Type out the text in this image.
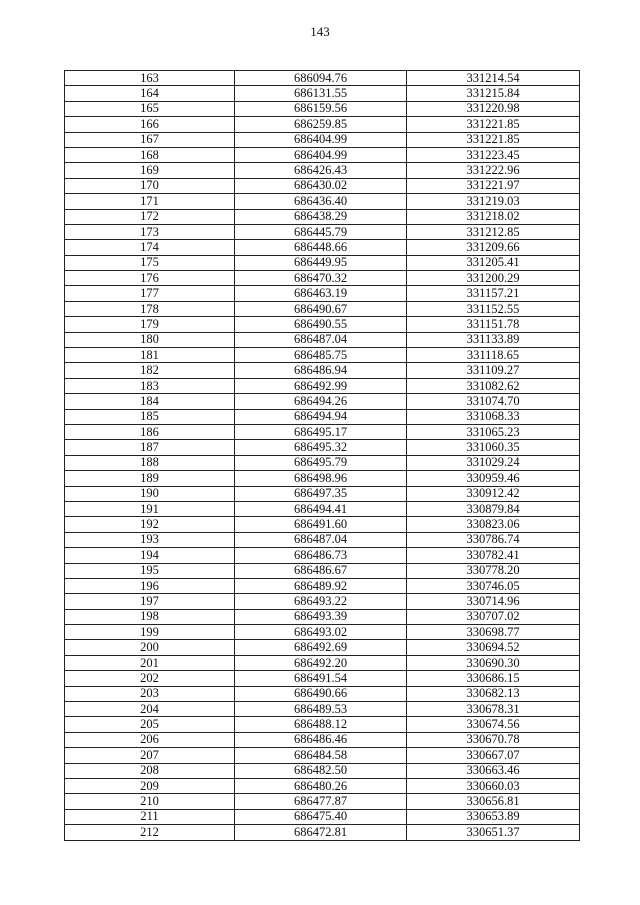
143
163	686094.76	331214.54
164	686131.55	331215.84
165	686159.56	331220.98
166	686259.85	331221.85
167	686404.99	331221.85
168	686404.99	331223.45
169	686426.43	331222.96
170	686430.02	331221.97
171	686436.40	331219.03
172	686438.29	331218.02
173	686445.79	331212.85
174	686448.66	331209.66
175	686449.95	331205.41
176	686470.32	331200.29
177	686463.19	331157.21
178	686490.67	331152.55
179	686490.55	331151.78
180	686487.04	331133.89
181	686485.75	331118.65
182	686486.94	331109.27
183	686492.99	331082.62
184	686494.26	331074.70
185	686494.94	331068.33
186	686495.17	331065.23
187	686495.32	331060.35
188	686495.79	331029.24
189	686498.96	330959.46
190	686497.35	330912.42
191	686494.41	330879.84
192	686491.60	330823.06
193	686487.04	330786.74
194	686486.73	330782.41
195	686486.67	330778.20
196	686489.92	330746.05
197	686493.22	330714.96
198	686493.39	330707.02
199	686493.02	330698.77
200	686492.69	330694.52
201	686492.20	330690.30
202	686491.54	330686.15
203	686490.66	330682.13
204	686489.53	330678.31
205	686488.12	330674.56
206	686486.46	330670.78
207	686484.58	330667.07
208	686482.50	330663.46
209	686480.26	330660.03
210	686477.87	330656.81
211	686475.40	330653.89
212	686472.81	330651.37
